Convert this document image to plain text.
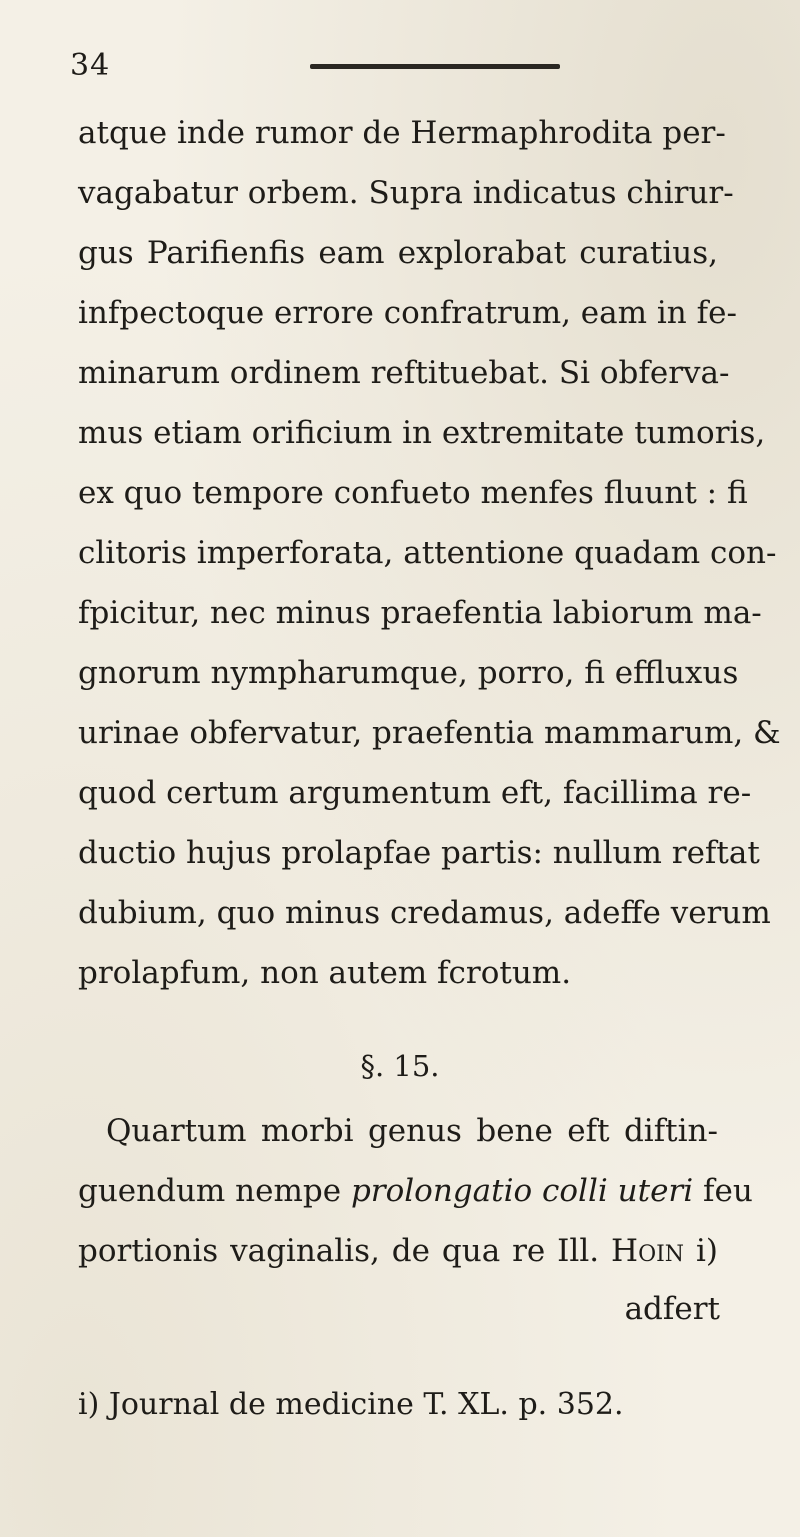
34
atque inde rumor de Hermaphrodita per-
vagabatur orbem. Supra indicatus chirur-
gus Parifienfis eam explorabat curatius,
infpectoque errore confratrum, eam in fe-
minarum ordinem reftituebat. Si obferva-
mus etiam orificium in extremitate tumoris,
ex quo tempore confueto menfes fluunt : fi
clitoris imperforata, attentione quadam con-
fpicitur, nec minus praefentia labiorum ma-
gnorum nympharumque, porro, fi effluxus
urinae obfervatur, praefentia mammarum, &
quod certum argumentum eft, facillima re-
ductio hujus prolapfae partis: nullum reftat
dubium, quo minus credamus, adeffe verum
prolapfum, non autem fcrotum.
§. 15.
Quartum morbi genus bene eft diftin-
guendum nempe prolongatio colli uteri feu
portionis vaginalis, de qua re Ill. Hoin i)
adfert
i) Journal de medicine T. XL. p. 352.
